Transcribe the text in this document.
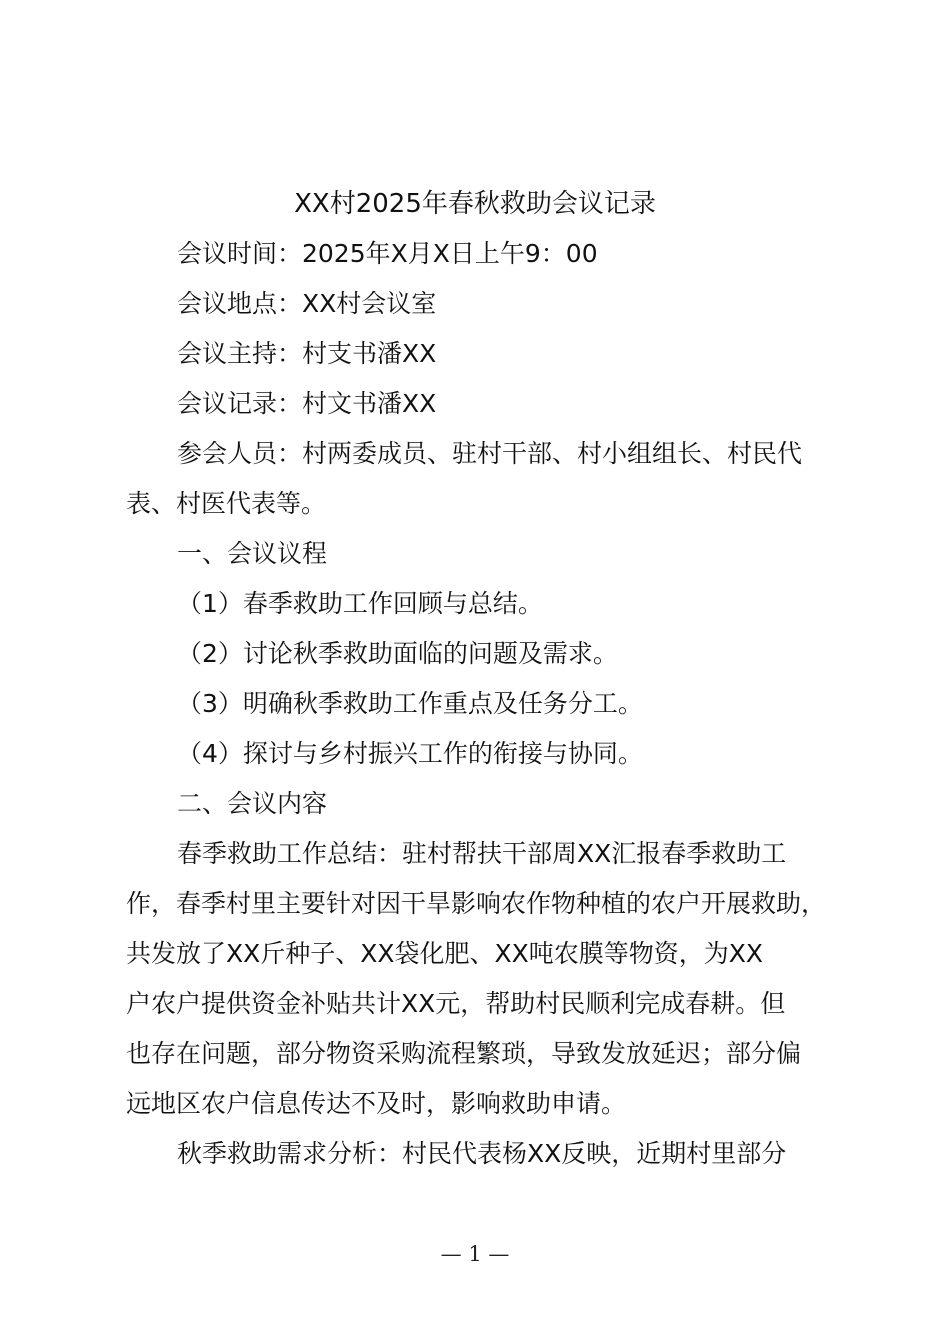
XX村2025年春秋救助会议记录
会议时间：2025年X月X日上午9：00
会议地点：XX村会议室
会议主持：村支书潘XX
会议记录：村文书潘XX
参会人员：村两委成员、驻村干部、村小组组长、村民代
表、村医代表等。
一、会议议程
（1）春季救助工作回顾与总结。
（2）讨论秋季救助面临的问题及需求。
（3）明确秋季救助工作重点及任务分工。
（4）探讨与乡村振兴工作的衔接与协同。
二、会议内容
春季救助工作总结：驻村帮扶干部周XX汇报春季救助工
作，春季村里主要针对因干旱影响农作物种植的农户开展救助，
共发放了XX斤种子、XX袋化肥、XX吨农膜等物资，为XX
户农户提供资金补贴共计XX元，帮助村民顺利完成春耕。但
也存在问题，部分物资采购流程繁琐，导致发放延迟；部分偏
远地区农户信息传达不及时，影响救助申请。
秋季救助需求分析：村民代表杨XX反映，近期村里部分
— 1 —
